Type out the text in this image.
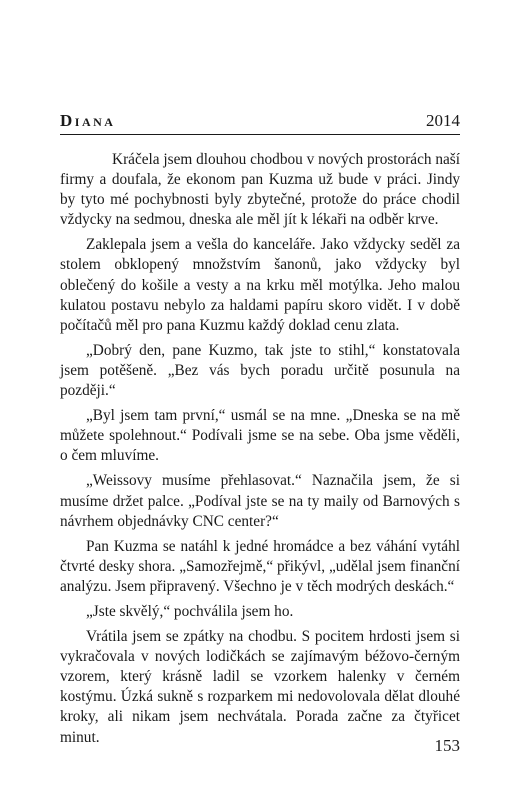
Diana	2014

Kráčela jsem dlouhou chodbou v nových prostorách naší firmy a doufala, že ekonom pan Kuzma už bude v práci. Jindy by tyto mé pochybnosti byly zbytečné, protože do práce chodil vždycky na sedmou, dneska ale měl jít k lékaři na odběr krve.

Zaklepala jsem a vešla do kanceláře. Jako vždycky seděl za stolem obklopený množstvím šanonů, jako vždycky byl oblečený do košile a vesty a na krku měl motýlka. Jeho malou kulatou postavu nebylo za haldami papíru skoro vidět. I v době počítačů měl pro pana Kuzmu každý doklad cenu zlata.

„Dobrý den, pane Kuzmo, tak jste to stihl,“ konstatovala jsem potěšeně. „Bez vás bych poradu určitě posunula na později.“

„Byl jsem tam první,“ usmál se na mne. „Dneska se na mě můžete spolehnout.“ Podívali jsme se na sebe. Oba jsme věděli, o čem mluvíme.

„Weissovy musíme přehlasovat.“ Naznačila jsem, že si musíme držet palce. „Podíval jste se na ty maily od Barnových s návrhem objednávky CNC center?“

Pan Kuzma se natáhl k jedné hromádce a bez váhání vytáhl čtvrté desky shora. „Samozřejmě,“ přikývl, „udělal jsem finanční analýzu. Jsem připravený. Všechno je v těch modrých deskách.“

„Jste skvělý,“ pochválila jsem ho.

Vrátila jsem se zpátky na chodbu. S pocitem hrdosti jsem si vykračovala v nových lodičkách se zajímavým béžovo-černým vzorem, který krásně ladil se vzorkem halenky v černém kostýmu. Úzká sukně s rozparkem mi nedovolovala dělat dlouhé kroky, ali nikam jsem nechvátala. Porada začne za čtyřicet minut.	153
